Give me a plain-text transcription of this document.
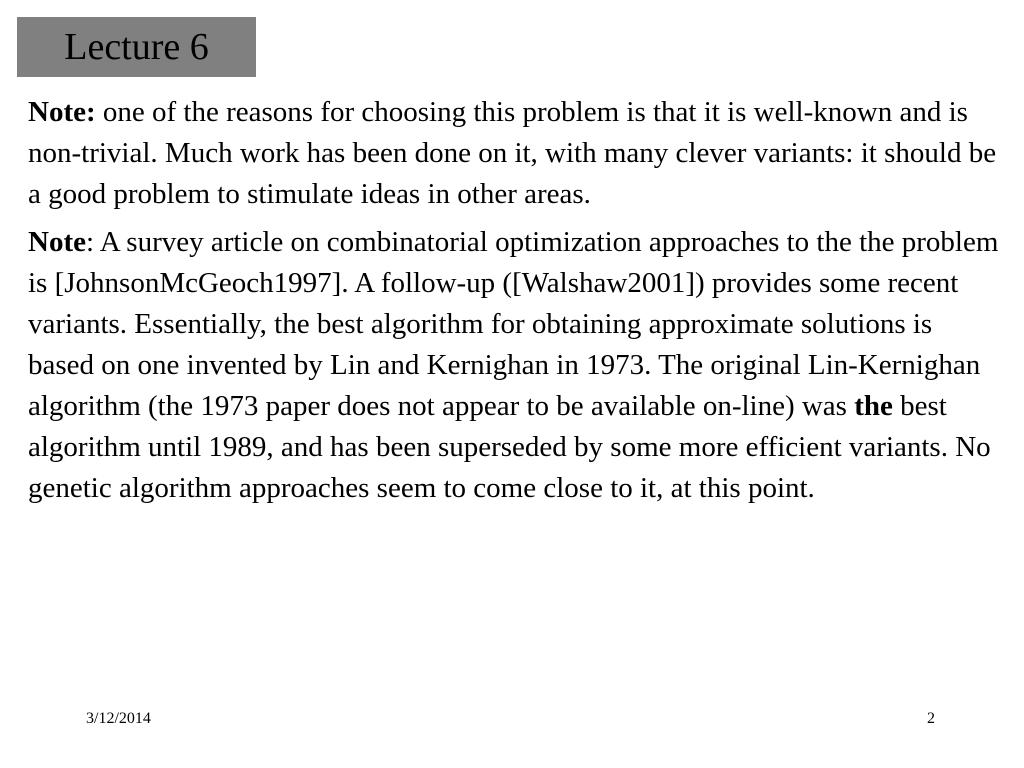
Lecture 6

Note: one of the reasons for choosing this problem is that it is well-known and is non-trivial. Much work has been done on it, with many clever variants: it should be a good problem to stimulate ideas in other areas.

Note: A survey article on combinatorial optimization approaches to the the problem is [JohnsonMcGeoch1997]. A follow-up ([Walshaw2001]) provides some recent variants. Essentially, the best algorithm for obtaining approximate solutions is based on one invented by Lin and Kernighan in 1973. The original Lin-Kernighan algorithm (the 1973 paper does not appear to be available on-line) was the best algorithm until 1989, and has been superseded by some more efficient variants. No genetic algorithm approaches seem to come close to it, at this point.

3/12/2014	2
